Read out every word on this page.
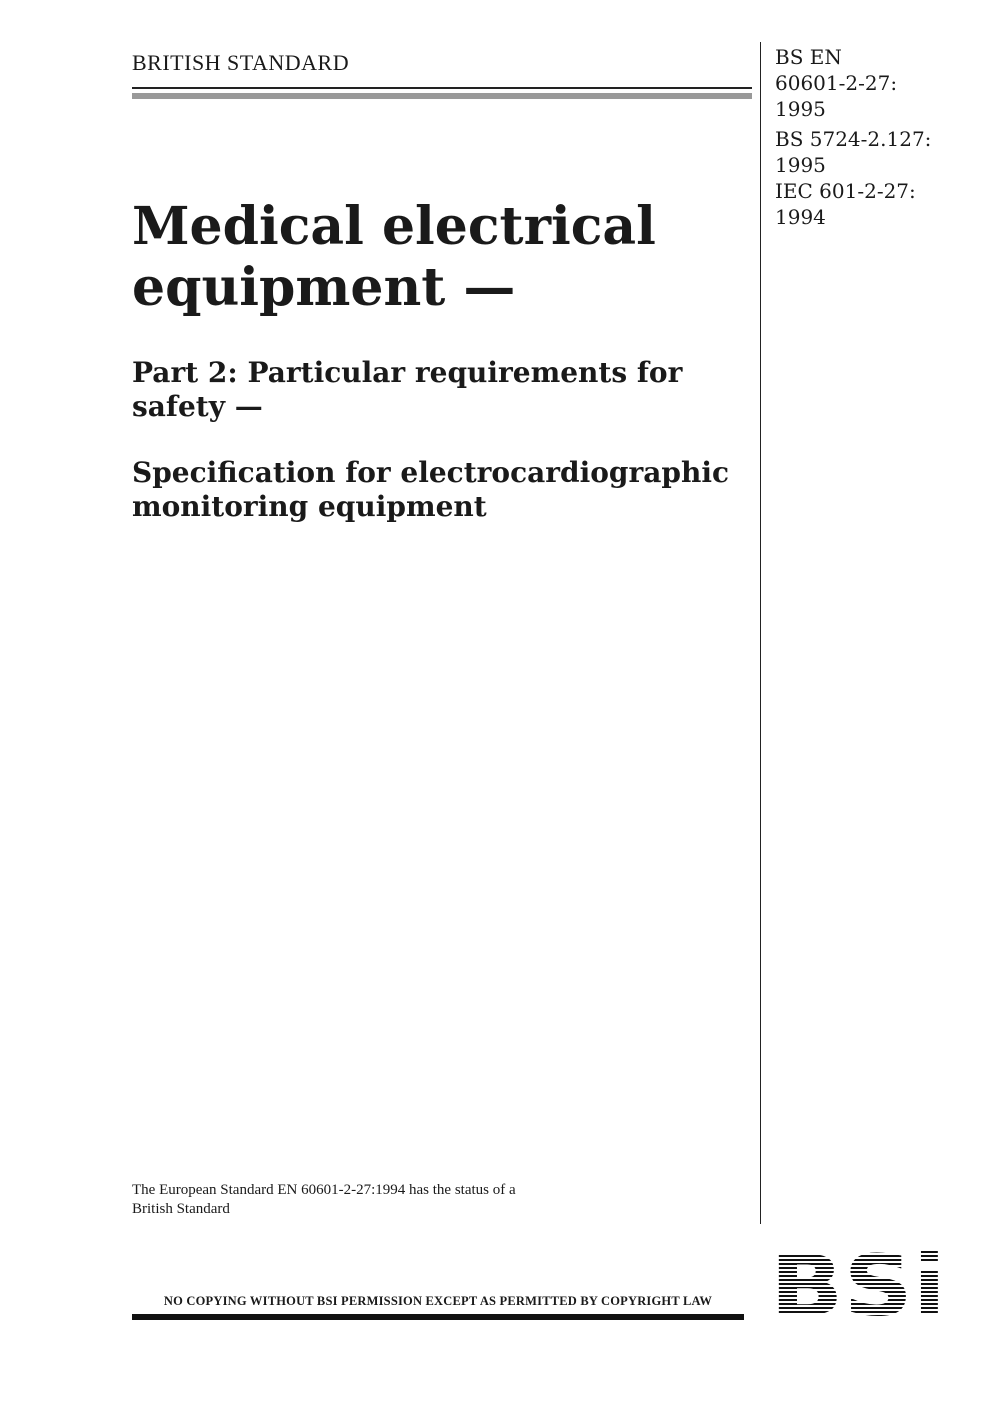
BRITISH STANDARD	BS EN

60601-2-27:

1995

BS 5724-2.127:

1995

IEC 601-2-27:

1994

Medical electrical
equipment —
Part 2: Particular requirements for
safety —
Specification for electrocardiographic
monitoring equipment
The European Standard EN 60601-2-27:1994 has the status of a
British Standard
NO COPYING WITHOUT BSI PERMISSION EXCEPT AS PERMITTED BY COPYRIGHT LAW BSi
